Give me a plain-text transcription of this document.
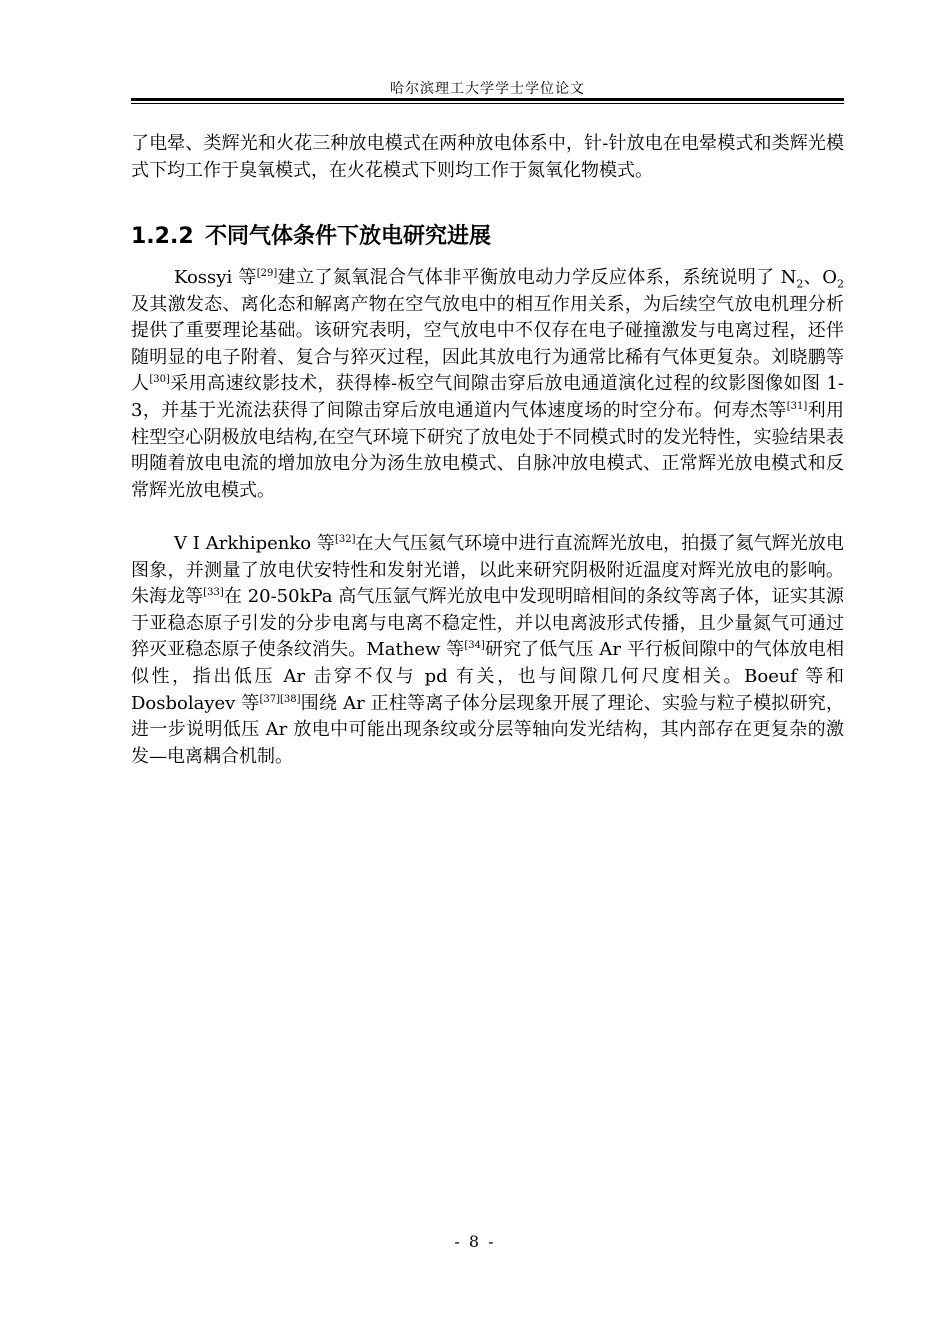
哈尔滨理工大学学士学位论文

了电晕、类辉光和火花三种放电模式在两种放电体系中，针-针放电在电晕模式和类辉光模式下均工作于臭氧模式，在火花模式下则均工作于氮氧化物模式。

1.2.2 不同气体条件下放电研究进展

Kossyi 等[29]建立了氮氧混合气体非平衡放电动力学反应体系，系统说明了 $N_2$、$O_2$ 及其激发态、离化态和解离产物在空气放电中的相互作用关系，为后续空气放电机理分析提供了重要理论基础。该研究表明，空气放电中不仅存在电子碰撞激发与电离过程，还伴随明显的电子附着、复合与猝灭过程，因此其放电行为通常比稀有气体更复杂。刘晓鹏等人[30]采用高速纹影技术，获得棒-板空气间隙击穿后放电通道演化过程的纹影图像如图 1-3，并基于光流法获得了间隙击穿后放电通道内气体速度场的时空分布。何寿杰等[31]利用柱型空心阴极放电结构,在空气环境下研究了放电处于不同模式时的发光特性，实验结果表明随着放电电流的增加放电分为汤生放电模式、自脉冲放电模式、正常辉光放电模式和反常辉光放电模式。

V I Arkhipenko 等[32]在大气压氦气环境中进行直流辉光放电，拍摄了氦气辉光放电图象，并测量了放电伏安特性和发射光谱，以此来研究阴极附近温度对辉光放电的影响。朱海龙等[33]在 20-50kPa 高气压氩气辉光放电中发现明暗相间的条纹等离子体，证实其源于亚稳态原子引发的分步电离与电离不稳定性，并以电离波形式传播，且少量氮气可通过猝灭亚稳态原子使条纹消失。Mathew 等[34]研究了低气压 Ar 平行板间隙中的气体放电相似性，指出低压 Ar 击穿不仅与 pd 有关，也与间隙几何尺度相关。Boeuf 等和 Dosbolayev 等[37][38]围绕 Ar 正柱等离子体分层现象开展了理论、实验与粒子模拟研究，进一步说明低压 Ar 放电中可能出现条纹或分层等轴向发光结构，其内部存在更复杂的激发—电离耦合机制。

- 8 -
